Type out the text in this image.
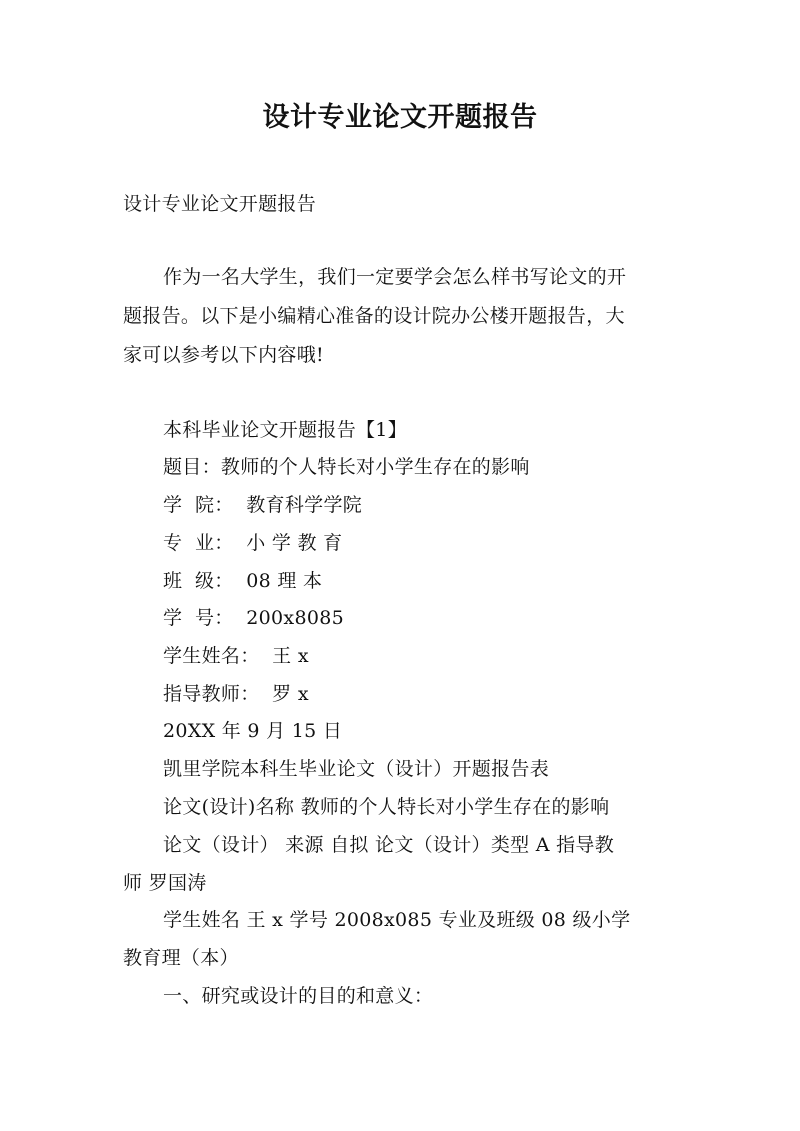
设计专业论文开题报告
设计专业论文开题报告
作为一名大学生，我们一定要学会怎么样书写论文的开
题报告。以下是小编精心准备的设计院办公楼开题报告，大
家可以参考以下内容哦!
本科毕业论文开题报告【1】
题目：教师的个人特长对小学生存在的影响
学  院：  教育科学学院
专  业：  小 学 教 育
班  级：  08 理 本
学  号：  200x8085
学生姓名：  王 x
指导教师：  罗 x
20XX 年 9 月 15 日
凯里学院本科生毕业论文（设计）开题报告表
论文(设计)名称 教师的个人特长对小学生存在的影响
论文（设计） 来源 自拟 论文（设计）类型 A 指导教
师 罗国涛
学生姓名 王 x 学号 2008x085 专业及班级 08 级小学
教育理（本）
一、研究或设计的目的和意义：
